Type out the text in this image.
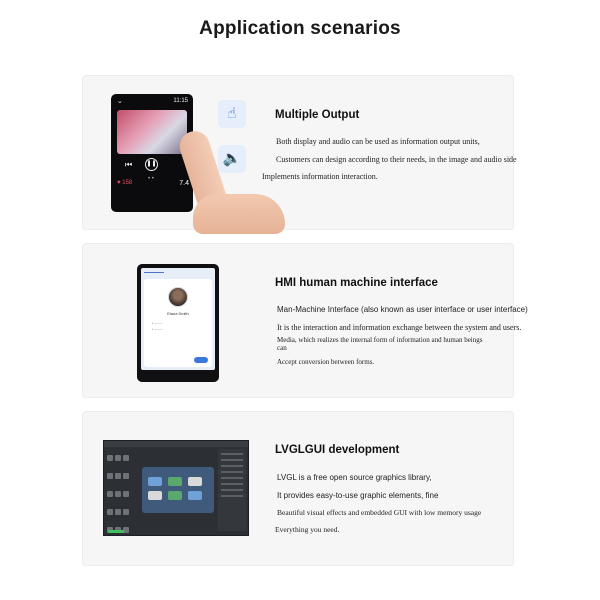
Application scenarios
⌄	11:15
⏮ ❚❚
• •
♥ 158	7.4
☝
🔈
Multiple Output
Both display and audio can be used as information output units,
Customers can design according to their needs, in the image and audio side
Implements information interaction.
Elana Smith
▪ ———
▪ ———
HMI human machine interface
Man-Machine Interface (also known as user interface or user interface)
It is the interaction and information exchange between the system and users.
Media, which realizes the internal form of information and human beings
can
Accept conversion between forms.
LVGLGUI development
LVGL is a free open source graphics library,
It provides easy-to-use graphic elements, fine
Beautiful visual effects and embedded GUI with low memory usage
Everything you need.
